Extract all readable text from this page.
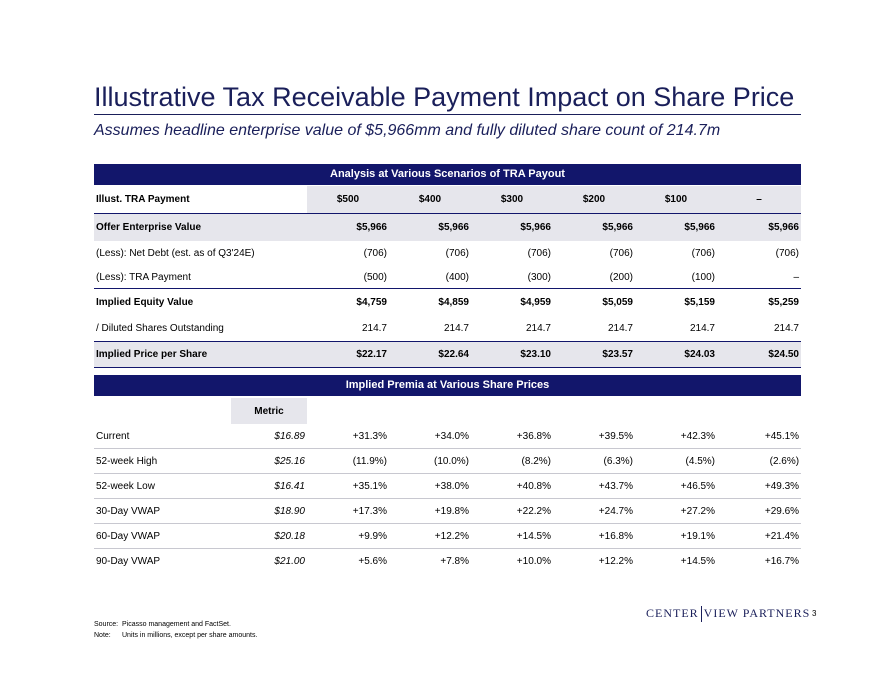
Illustrative Tax Receivable Payment Impact on Share Price
Assumes headline enterprise value of $5,966mm and fully diluted share count of 214.7m
Analysis at Various Scenarios of TRA Payout
Illust. TRA Payment	$500	$400	$300	$200	$100	–
Offer Enterprise Value	$5,966	$5,966	$5,966	$5,966	$5,966	$5,966
(Less): Net Debt (est. as of Q3'24E)	(706)	(706)	(706)	(706)	(706)	(706)
(Less): TRA Payment	(500)	(400)	(300)	(200)	(100)	–
Implied Equity Value	$4,759	$4,859	$4,959	$5,059	$5,159	$5,259
/ Diluted Shares Outstanding	214.7	214.7	214.7	214.7	214.7	214.7
Implied Price per Share	$22.17	$22.64	$23.10	$23.57	$24.03	$24.50
Implied Premia at Various Share Prices
	Metric						
Current	$16.89	+31.3%	+34.0%	+36.8%	+39.5%	+42.3%	+45.1%
52-week High	$25.16	(11.9%)	(10.0%)	(8.2%)	(6.3%)	(4.5%)	(2.6%)
52-week Low	$16.41	+35.1%	+38.0%	+40.8%	+43.7%	+46.5%	+49.3%
30-Day VWAP	$18.90	+17.3%	+19.8%	+22.2%	+24.7%	+27.2%	+29.6%
60-Day VWAP	$20.18	+9.9%	+12.2%	+14.5%	+16.8%	+19.1%	+21.4%
90-Day VWAP	$21.00	+5.6%	+7.8%	+10.0%	+12.2%	+14.5%	+16.7%
Source: Picasso management and FactSet.
Note: Units in millions, except per share amounts.
CENTER VIEW PARTNERS 3
